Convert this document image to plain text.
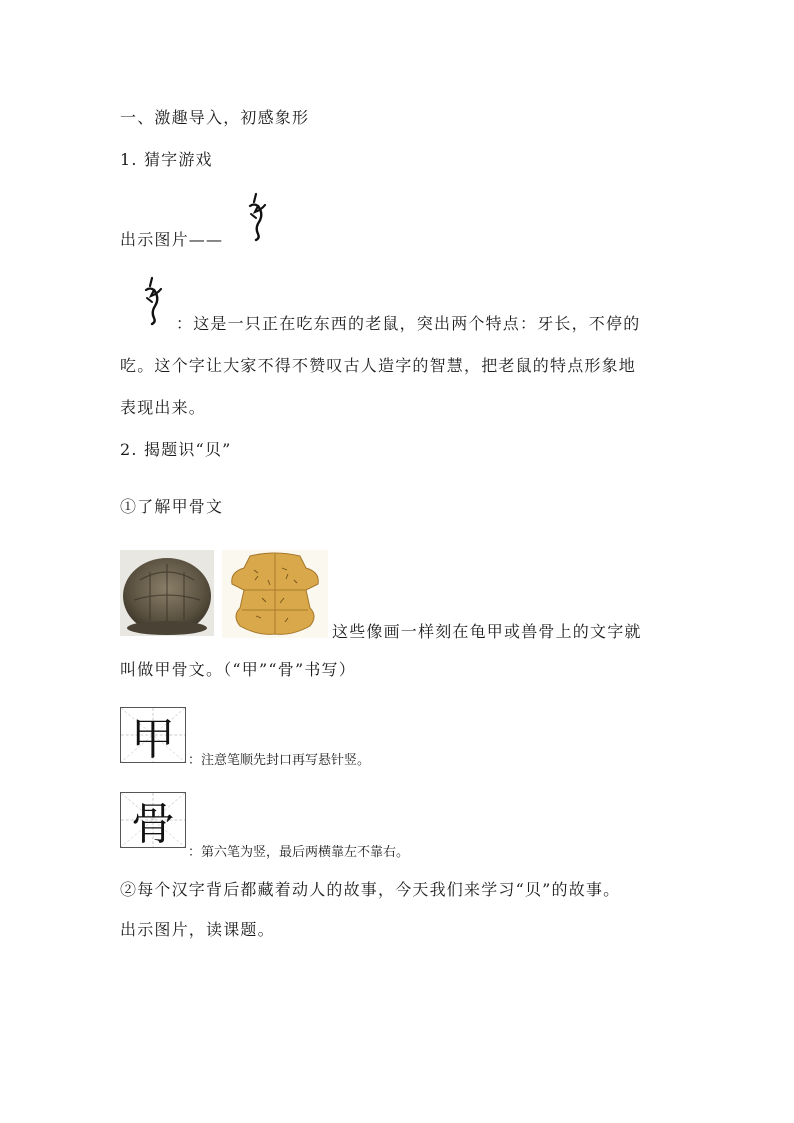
一、激趣导入，初感象形
1. 猜字游戏
出示图片——
：这是一只正在吃东西的老鼠，突出两个特点：牙长，不停的
吃。这个字让大家不得不赞叹古人造字的智慧，把老鼠的特点形象地
表现出来。
2. 揭题识“贝”
①了解甲骨文
这些像画一样刻在龟甲或兽骨上的文字就
叫做甲骨文。（“甲”“骨”书写）
甲	：注意笔顺先封口再写悬针竖。
骨
：第六笔为竖，最后两横靠左不靠右。
②每个汉字背后都藏着动人的故事，今天我们来学习“贝”的故事。
出示图片，读课题。
